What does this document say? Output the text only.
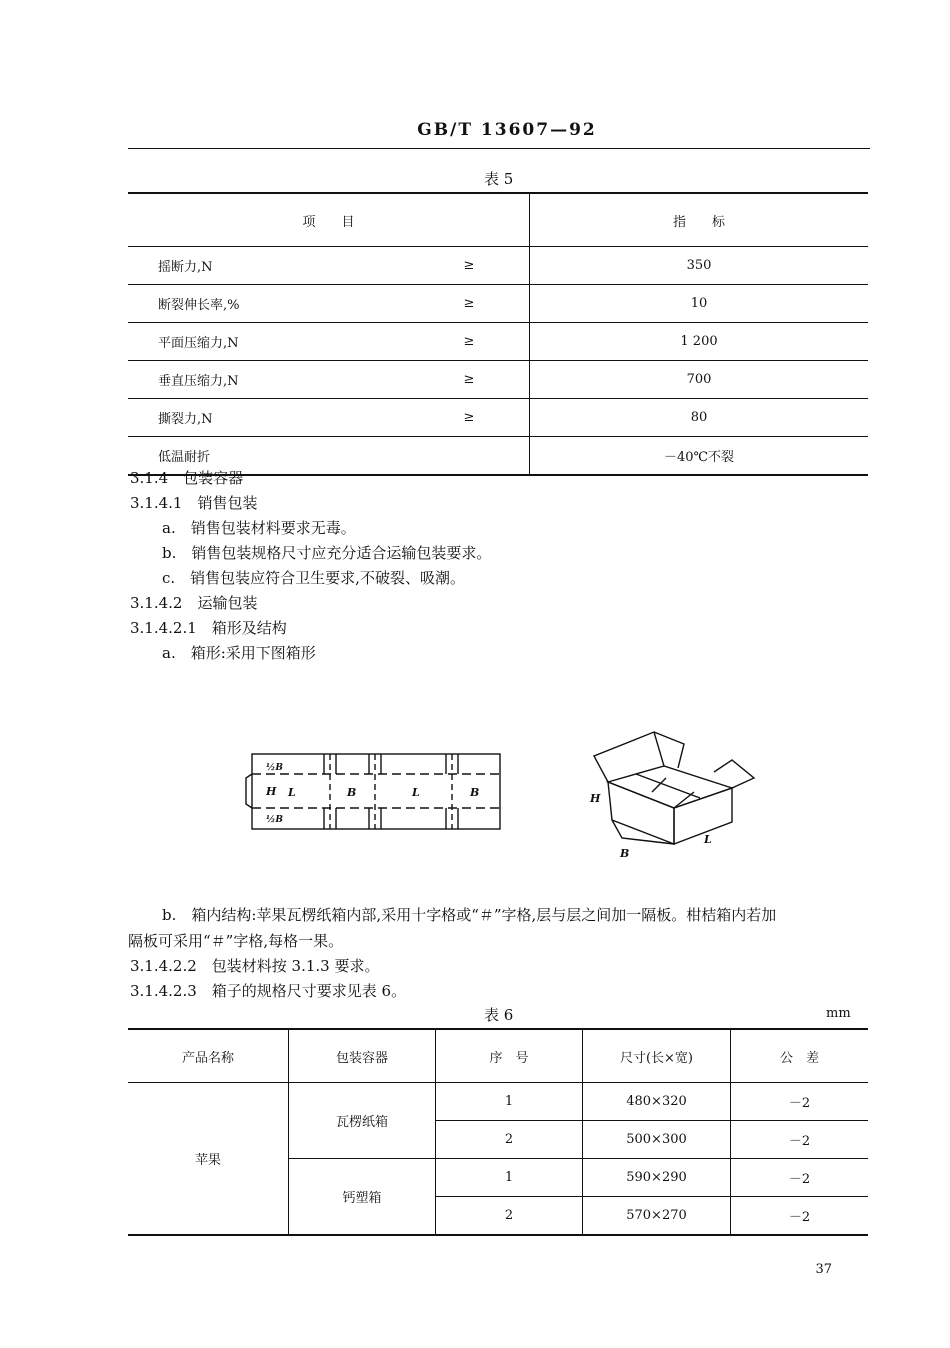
GB/T 13607—92
表 5
项　　目		指　　标
摇断力,N	≥	350
断裂伸长率,%	≥	10
平面压缩力,N	≥	1 200
垂直压缩力,N	≥	700
撕裂力,N	≥	80
低温耐折		－40℃不裂
3.1.4　包装容器
3.1.4.1　销售包装
a.　销售包装材料要求无毒。
b.　销售包装规格尺寸应充分适合运输包装要求。
c.　销售包装应符合卫生要求,不破裂、吸潮。
3.1.4.2　运输包装
3.1.4.2.1　箱形及结构
a.　箱形:采用下图箱形
L	B	L	B
H
½B
½B
H
L
B
b.　箱内结构:苹果瓦楞纸箱内部,采用十字格或“＃”字格,层与层之间加一隔板。柑桔箱内若加
隔板可采用“＃”字格,每格一果。
3.1.4.2.2　包装材料按 3.1.3 要求。
3.1.4.2.3　箱子的规格尺寸要求见表 6。
表 6	mm
产品名称	包装容器	序　号	尺寸(长×宽)	公　差
苹果	瓦楞纸箱	1	480×320	－2
		2	500×300	－2
	钙塑箱	1	590×290	－2
		2	570×270	－2
37
